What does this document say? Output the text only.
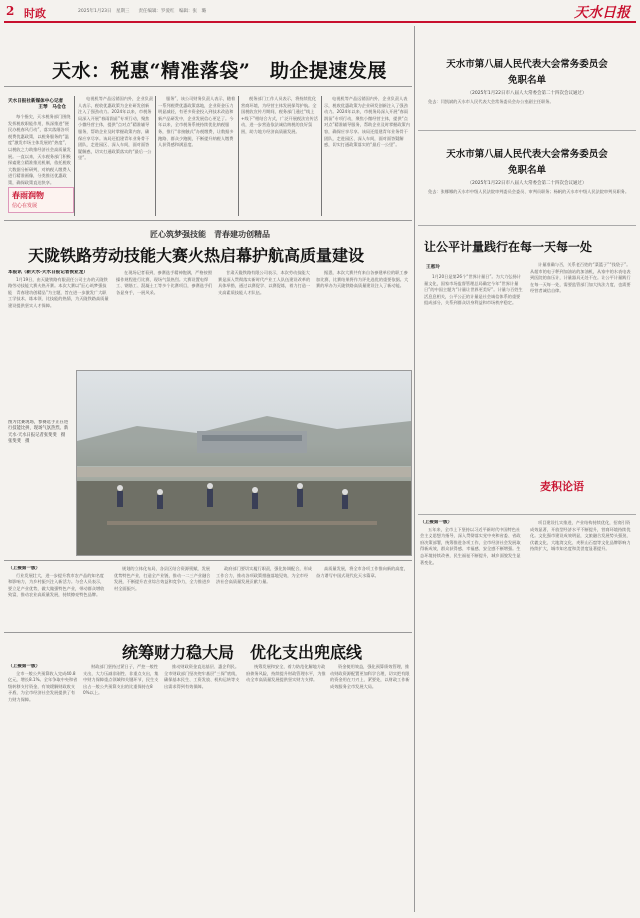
2 时政	2025年1月23日　星期三　　责任编辑：罗爱红　编辑：张　璐	天水日报
天水：税惠“精准落袋”　助企提速发展
天水日报社新媒体中心记者
王琴　马仓仓

每个指尖，天水税务部门围绕发挥税收职能作用，纵深推进“便民办税春风行动”，落实落细各项税费优惠政策，以税务服务的“温度”激发市场主体发展的“热度”，以税收之力助推经济社会高质量发展。一直以来，天水税务部门积极探索建立精准推送机制，依托税收大数据分析研判，对纳税人缴费人进行精准画像，分类推送优惠政策，确保政策直达快享。

春雨润物
信心在发展

电视机等产品远销国内外，企业负责人表示，税收优惠政策为企业研发创新注入了强劲动力。2024年以来，市税务局深入开展“春雨润苗”专项行动，聚焦小微经营主体，提供“点对点”精准辅导服务，帮助企业及时掌握政策内容，确保应享尽享。该局还组建青年业务骨干团队，走进园区、深入车间，面对面答疑解惑，切实打通政策落实的“最后一公里”。

服务”，该公司财务负责人表示，随着一系列税费优惠政策落地，企业资金压力明显减轻，有更多资金投入到技术改造和新产品研发中，企业发展信心更足了。今年以来，全市税务系统持续优化纳税服务，推行“非接触式”办税缴费，让数据多跑路、群众少跑腿，不断提升纳税人缴费人获得感和满意度。

税务部门工作人员表示，将持续优化营商环境，为经营主体发展保驾护航。全国税收宣传月期间，税务部门通过“线上+线下”相结合方式，广泛开展税法宣传活动，进一步营造依法诚信纳税的良好氛围，助力地方经济高质量发展。

电视机等产品远销国内外，企业负责人表示，税收优惠政策为企业研发创新注入了强劲动力。2024年以来，市税务局深入开展“春雨润苗”专项行动，聚焦小微经营主体，提供“点对点”精准辅导服务，帮助企业及时掌握政策内容，确保应享尽享。该局还组建青年业务骨干团队，走进园区、深入车间，面对面答疑解惑，切实打通政策落实的“最后一公里”。

匠心筑梦强技能　青春建功创精品
天陇铁路劳动技能大赛火热启幕护航高质量建设
本报讯（新天水·天水日报记者侯亚龙）

1月19日，由天陇铁路有限责任公司主办的天陇铁路劳动技能大赛火热开赛。本次大赛以“匠心筑梦强技能　青春建功创精品”为主题，旨在进一步激发广大职工学技术、练本领、比技能的热情，为天陇铁路高质量建设提供坚实人才保障。

在现场记者看到，参赛选手精神饱满，严格按照操作规程进行比赛，现场气氛热烈。大赛设置电焊工、钢筋工、混凝土工等多个比赛项目，参赛选手们各显身手，一展风采。

甘肃天陇铁路有限公司表示，本次劳动技能大赛是深入贯彻落实新时代产业工人队伍建设改革的具体举措，通过以赛促学、以赛促练，着力打造一支高素质技能人才队伍。

据悉，本次大赛共有来自各参建单位的职工参加比赛，比赛结果将作为评先选优的重要依据。大赛的举办为天陇铁路高质量建设注入了新动能。

图为比赛现场，参赛选手正在进行技能比拼，现场气氛热烈。新天水·天水日报记者张斐斐　摄　张斐斐　摄
（上接第一版）

行业发展壮大，进一步提升我市农产品的知名度和影响力，为乡村振兴注入新活力。与会人员表示，要立足产业优势，做大做强特色产业，带动群众增收致富，推动农业高质量发展，持续擦亮特色品牌。

规划的立体化布局，各县区结合资源禀赋，发展优势特色产业，打造全产业链，推动一二三产业融合发展，不断提升农业综合效益和竞争力，全力推进乡村全面振兴。

政府部门要切实履行职责，强化协调配合，形成工作合力，推动各项政策措施落地见效，为全市经济社会高质量发展贡献力量。

高质量发展，将全市各项工作推向新的高度，奋力谱写中国式现代化天水篇章。

统筹财力稳大局　优化支出兜底线
（上接第一版）

全市一般公共预算收入完成40.8亿元，增长8.1%。全年争取中央和省级转移支付资金，有效缓解财政收支矛盾，为全市经济社会发展提供了有力财力保障。

财政部门坚持过紧日子，严控一般性支出，大力压减非刚性、非重点支出，集中财力保障重点领域和关键环节，民生支出占一般公共预算支出的比重保持在80%以上。

推动财政资金直达基层、惠企利民。全市财政部门坚决兜牢基层“三保”底线，确保基本民生、工资发放、机构运转等支出需求得到有效保障。

统筹发展和安全，着力防范化解地方政府债务风险，持续提升财政管理水平，为推动全市高质量发展提供坚实财力支撑。

资金使用效益，强化预算绩效管理，推动财政资源配置更加科学合理，切实把有限的资金用在刀刃上、紧要处，以财政工作新成效服务全市发展大局。

天水市第八届人民代表大会常务委员会
免职名单
（2025年1月22日市八届人大常委会第二十四次会议通过）

免去：闫凯斌的天水市人民代表大会常务委员会办公室副主任职务。

天水市第八届人民代表大会常务委员会
免职名单
（2025年1月22日市八届人大常委会第二十四次会议通过）

免去：张娜娜的天水市中级人民法院审判委员会委员、审判员职务；杨帆的天水市中级人民法院审判员职务。

让公平计量践行在每一天每一处
王惠玲

1月20日是第26个“世界计量日”。为大力弘扬计量文化，国家市场监督管理总局确定今年“世界计量日”的中国主题为“计量让世界更美好”。计量与百姓生活息息相关，公平公正的计量是社会诚信体系的重要组成部分，关系到群众切身利益和市场秩序稳定。

计量准确与否，关系老百姓的“菜篮子”“钱袋子”。从超市的电子秤到加油站的加油机，从家中的水表电表到医院的血压计，计量器具无处不在。让公平计量践行在每一天每一处，需要监管部门加大执法力度，也需要经营者诚信自律。

麦积论语
（上接第一版）

五年来，全市上下坚持以习近平新时代中国特色社会主义思想为指导，深入贯彻落实党中央和省委、省政府决策部署，统筹推进各项工作，全市经济社会发展取得新成效，群众获得感、幸福感、安全感不断增强。生态环境持续改善，民生福祉不断提升，城乡面貌发生显著变化。

项目建设扎实推进，产业结构持续优化，招商引资成效显著，开放型经济水平不断提升，营商环境持续优化。文化强市建设成效明显，文旅融合发展势头强劲，伏羲文化、大地湾文化、麦积山石窟等文化品牌影响力持续扩大，城市知名度和美誉度显著提升。
